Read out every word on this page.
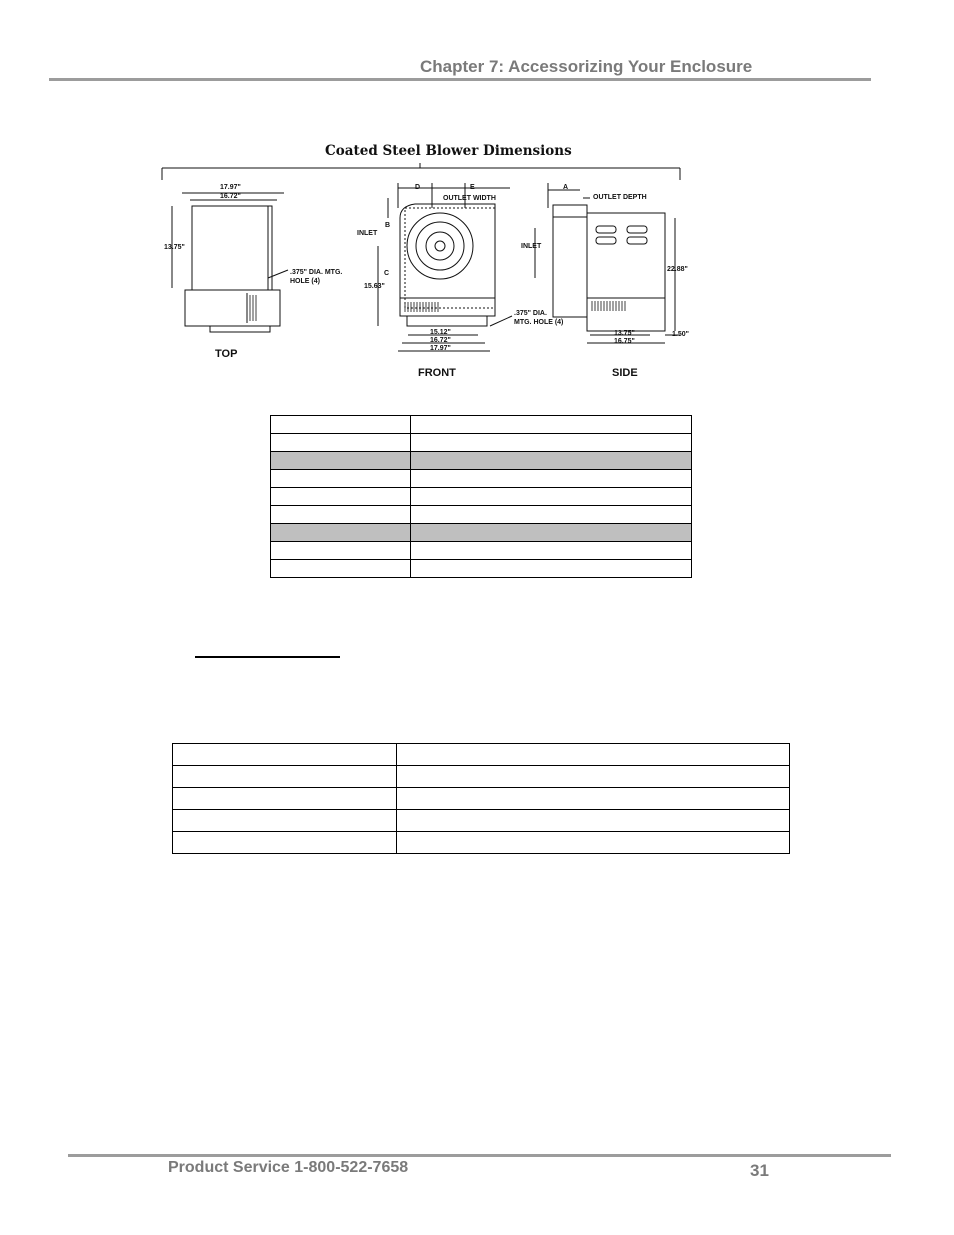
Chapter 7: Accessorizing Your Enclosure
Coated Steel Blower Dimensions
17.97"
16.72"
13.75"
.375" DIA. MTG.
HOLE (4)
TOP
D	E
OUTLET WIDTH
B
INLET
C
15.63"
.375" DIA.
MTG. HOLE (4)
15.12"
16.72"
17.97"
FRONT
A
OUTLET DEPTH
INLET
22.88"
13.75"
16.75"
1.50"
SIDE

Product Service 1-800-522-7658	31
